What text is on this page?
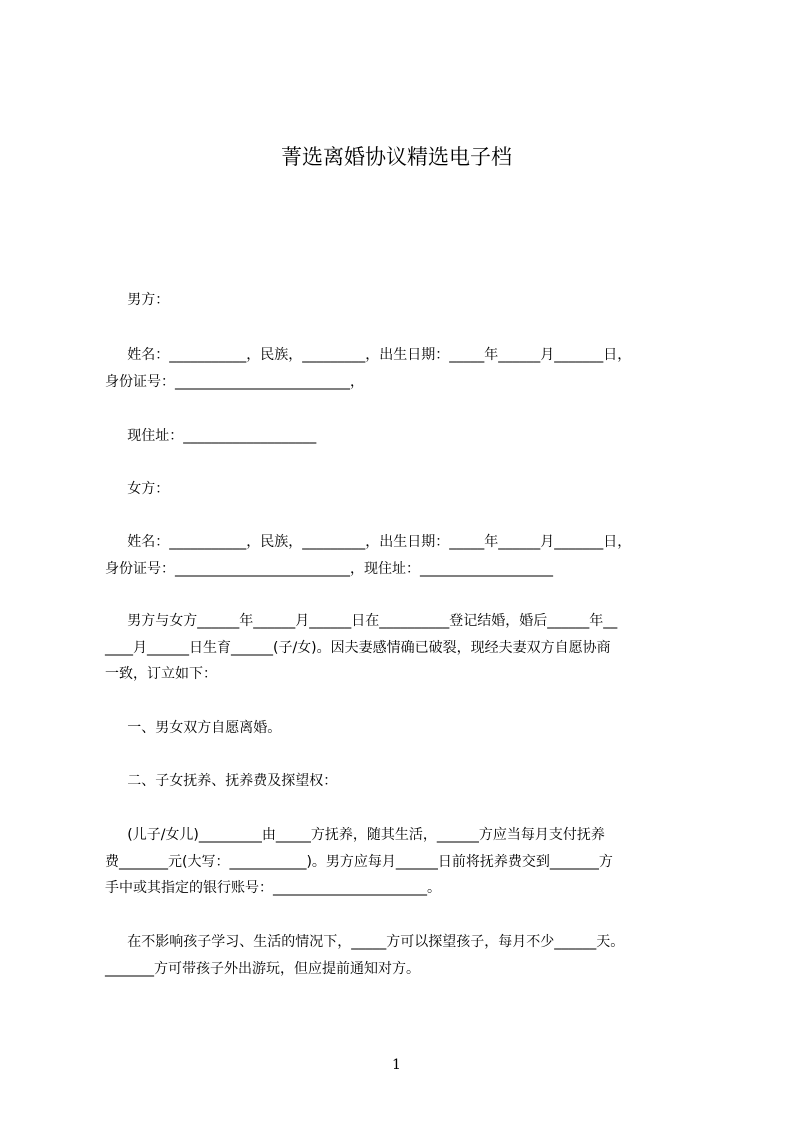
菁选离婚协议精选电子档
男方：
姓名：___________，民族，_________，出生日期：_____年______月_______日，
身份证号：_________________________，
现住址：___________________
女方：
姓名：___________，民族，_________，出生日期：_____年______月_______日，
身份证号：_________________________，现住址：___________________
男方与女方______年______月______日在__________登记结婚，婚后______年__
____月______日生育______(子/女)。因夫妻感情确已破裂，现经夫妻双方自愿协商
一致，订立如下：
一、男女双方自愿离婚。
二、子女抚养、抚养费及探望权：
(儿子/女儿)_________由_____方抚养，随其生活，______方应当每月支付抚养
费_______元(大写：___________)。男方应每月______日前将抚养费交到_______方
手中或其指定的银行账号：______________________。
在不影响孩子学习、生活的情况下，_____方可以探望孩子，每月不少______天。
_______方可带孩子外出游玩，但应提前通知对方。
1
